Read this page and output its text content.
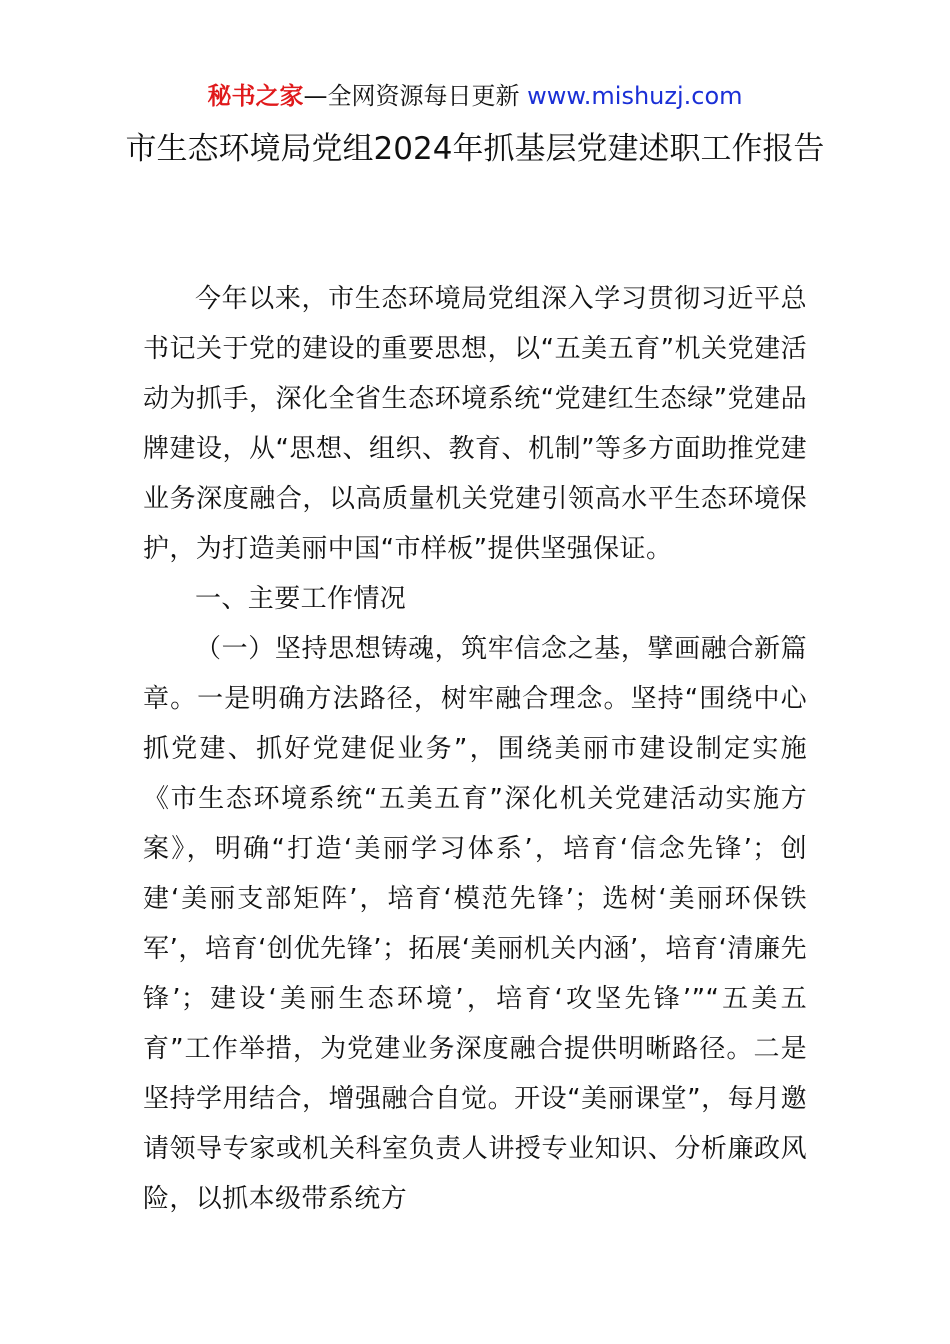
秘书之家—全网资源每日更新 www.mishuzj.com
市生态环境局党组2024年抓基层党建述职工作报告

今年以来，市生态环境局党组深入学习贯彻习近平总书记关于党的建设的重要思想，以“五美五育”机关党建活动为抓手，深化全省生态环境系统“党建红生态绿”党建品牌建设，从“思想、组织、教育、机制”等多方面助推党建业务深度融合，以高质量机关党建引领高水平生态环境保护，为打造美丽中国“市样板”提供坚强保证。

一、主要工作情况

（一）坚持思想铸魂，筑牢信念之基，擘画融合新篇章。一是明确方法路径，树牢融合理念。坚持“围绕中心抓党建、抓好党建促业务”，围绕美丽市建设制定实施《市生态环境系统“五美五育”深化机关党建活动实施方案》，明确“打造‘美丽学习体系’，培育‘信念先锋’；创建‘美丽支部矩阵’，培育‘模范先锋’；选树‘美丽环保铁军’，培育‘创优先锋’；拓展‘美丽机关内涵’，培育‘清廉先锋’；建设‘美丽生态环境’，培育‘攻坚先锋’”“五美五育”工作举措，为党建业务深度融合提供明晰路径。二是坚持学用结合，增强融合自觉。开设“美丽课堂”，每月邀请领导专家或机关科室负责人讲授专业知识、分析廉政风险，以抓本级带系统方
